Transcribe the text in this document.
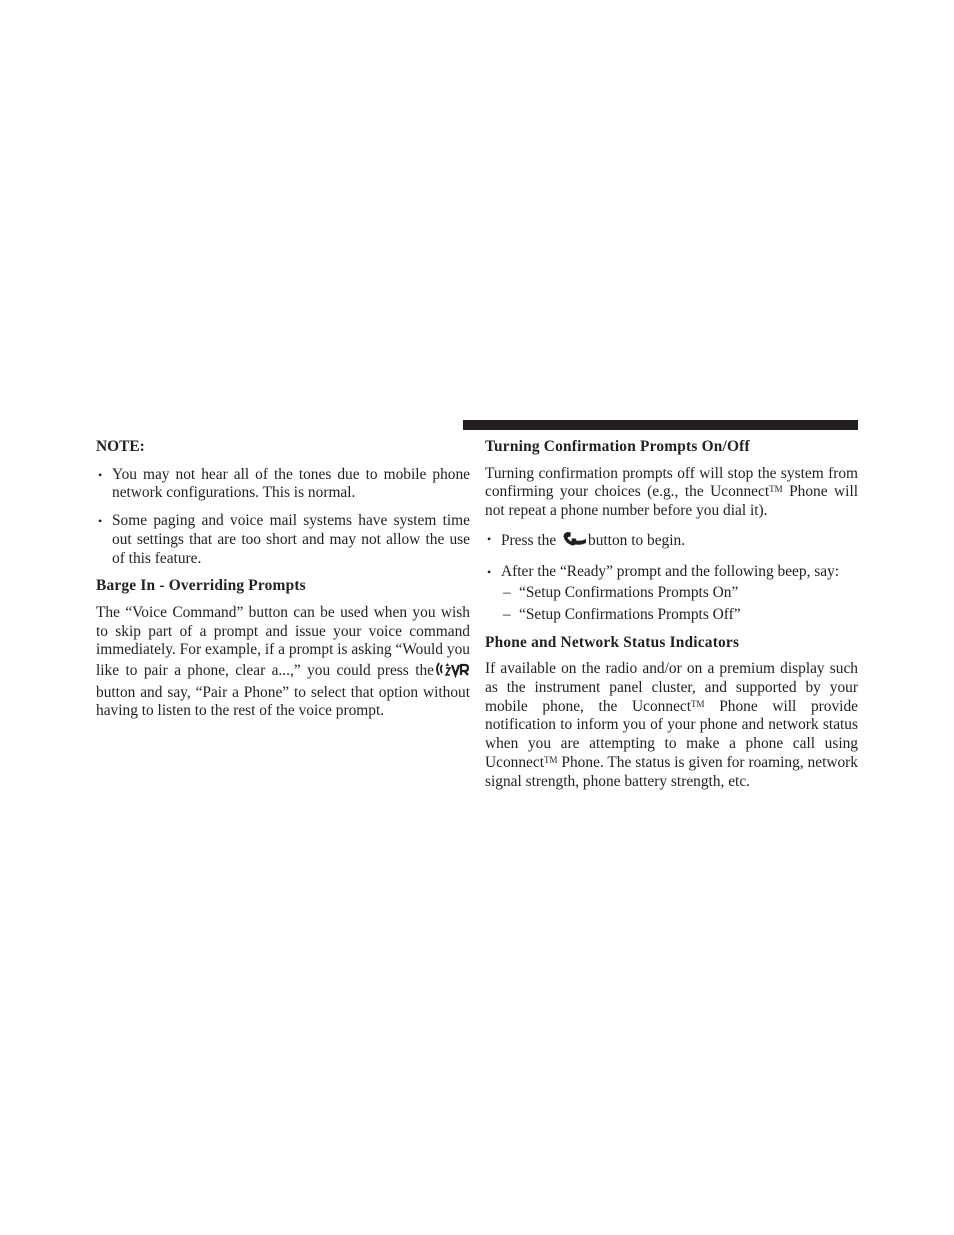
NOTE:
• You may not hear all of the tones due to mobile phone network configurations. This is normal.
• Some paging and voice mail systems have system time out settings that are too short and may not allow the use of this feature.
Barge In - Overriding Prompts

The “Voice Command” button can be used when you wish to skip part of a prompt and issue your voice command immediately. For example, if a prompt is asking “Would you like to pair a phone, clear a...,” you could press thebutton and say, “Pair a Phone” to select that option without having to listen to the rest of the voice prompt.

Turning Confirmation Prompts On/Off

Turning confirmation prompts off will stop the system from confirming your choices (e.g., the Uconnect™ Phone will not repeat a phone number before you dial it).

• Press the button to begin.
• After the “Ready” prompt and the following beep, say:
– “Setup Confirmations Prompts On”
– “Setup Confirmations Prompts Off”
Phone and Network Status Indicators

If available on the radio and/or on a premium display such as the instrument panel cluster, and supported by your mobile phone, the Uconnect™ Phone will provide notification to inform you of your phone and network status when you are attempting to make a phone call using Uconnect™ Phone. The status is given for roaming, network signal strength, phone battery strength, etc.
